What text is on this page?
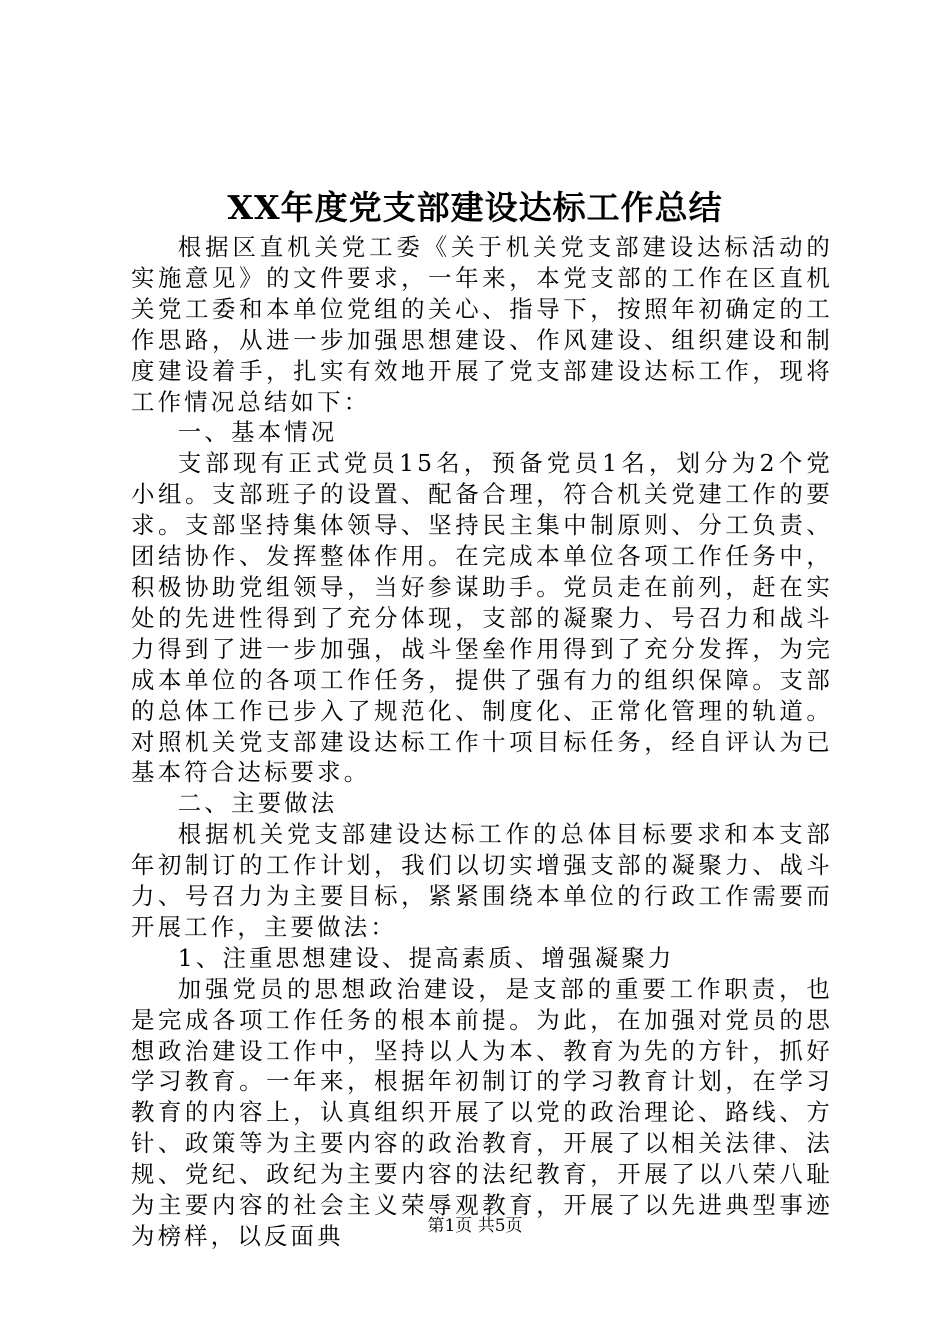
XX年度党支部建设达标工作总结

根据区直机关党工委《关于机关党支部建设达标活动的实施意见》的文件要求，一年来，本党支部的工作在区直机关党工委和本单位党组的关心、指导下，按照年初确定的工作思路，从进一步加强思想建设、作风建设、组织建设和制度建设着手，扎实有效地开展了党支部建设达标工作，现将工作情况总结如下：

一、基本情况

支部现有正式党员15名，预备党员1名，划分为2个党小组。支部班子的设置、配备合理，符合机关党建工作的要求。支部坚持集体领导、坚持民主集中制原则、分工负责、团结协作、发挥整体作用。在完成本单位各项工作任务中，积极协助党组领导，当好参谋助手。党员走在前列，赶在实处的先进性得到了充分体现，支部的凝聚力、号召力和战斗力得到了进一步加强，战斗堡垒作用得到了充分发挥，为完成本单位的各项工作任务，提供了强有力的组织保障。支部的总体工作已步入了规范化、制度化、正常化管理的轨道。对照机关党支部建设达标工作十项目标任务，经自评认为已基本符合达标要求。

二、主要做法

根据机关党支部建设达标工作的总体目标要求和本支部年初制订的工作计划，我们以切实增强支部的凝聚力、战斗力、号召力为主要目标，紧紧围绕本单位的行政工作需要而开展工作，主要做法：

1、注重思想建设、提高素质、增强凝聚力

加强党员的思想政治建设，是支部的重要工作职责，也是完成各项工作任务的根本前提。为此，在加强对党员的思想政治建设工作中，坚持以人为本、教育为先的方针，抓好学习教育。一年来，根据年初制订的学习教育计划，在学习教育的内容上，认真组织开展了以党的政治理论、路线、方针、政策等为主要内容的政治教育，开展了以相关法律、法规、党纪、政纪为主要内容的法纪教育，开展了以八荣八耻为主要内容的社会主义荣辱观教育，开展了以先进典型事迹为榜样，以反面典	第1页 共5页
